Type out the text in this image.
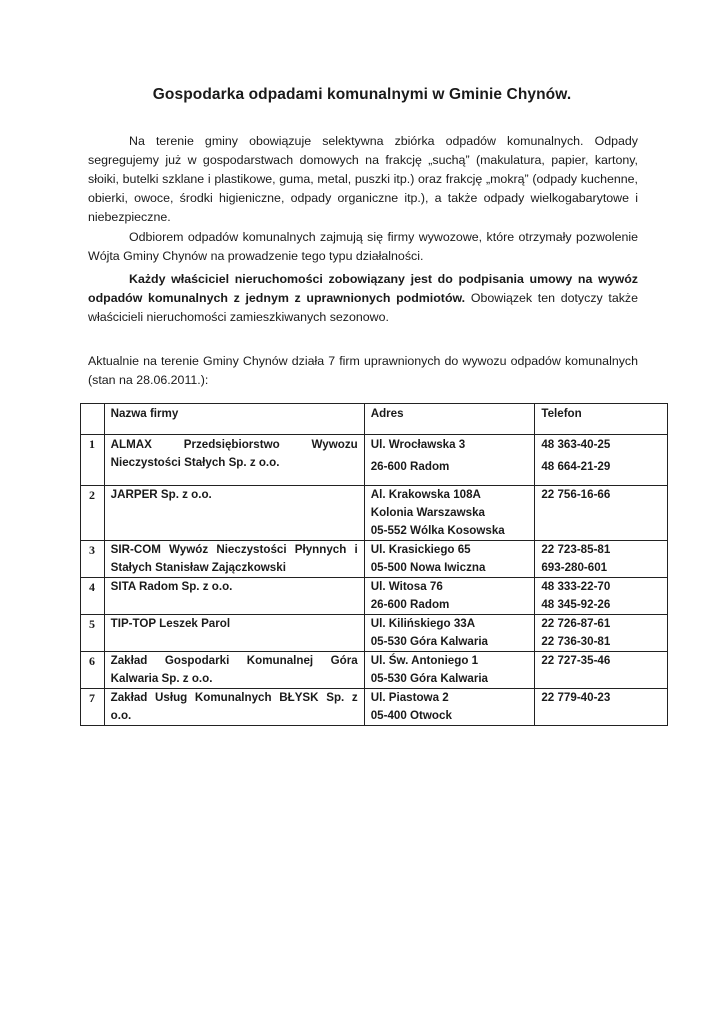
Gospodarka odpadami komunalnymi w Gminie Chynów.
Na terenie gminy obowiązuje selektywna zbiórka odpadów komunalnych. Odpady segregujemy już w gospodarstwach domowych na frakcję „suchą” (makulatura, papier, kartony, słoiki, butelki szklane i plastikowe, guma, metal, puszki itp.) oraz frakcję „mokrą” (odpady kuchenne, obierki, owoce, środki higieniczne, odpady organiczne itp.), a także odpady wielkogabarytowe i niebezpieczne.
Odbiorem odpadów komunalnych zajmują się firmy wywozowe, które otrzymały pozwolenie Wójta Gminy Chynów na prowadzenie tego typu działalności.
Każdy właściciel nieruchomości zobowiązany jest do podpisania umowy na wywóz odpadów komunalnych z jednym z uprawnionych podmiotów. Obowiązek ten dotyczy także właścicieli nieruchomości zamieszkiwanych sezonowo.
Aktualnie na terenie Gminy Chynów działa 7 firm uprawnionych do wywozu odpadów komunalnych (stan na 28.06.2011.):
	Nazwa firmy	Adres	Telefon
1	ALMAX Przedsiębiorstwo Wywozu Nieczystości Stałych Sp. z o.o.	Ul. Wrocławska 3
26-600 Radom	48 363-40-25
48 664-21-29

2	JARPER Sp. z o.o.	Al. Krakowska 108A
Kolonia Warszawska
05-552 Wólka Kosowska	22 756-16-66

3	SIR-COM Wywóz Nieczystości Płynnych i Stałych Stanisław Zajączkowski	Ul. Krasickiego 65
05-500 Nowa Iwiczna	22 723-85-81
693-280-601

4	SITA Radom Sp. z o.o.	Ul. Witosa 76
26-600 Radom	48 333-22-70
48 345-92-26

5	TIP-TOP Leszek Parol	Ul. Kilińskiego 33A
05-530 Góra Kalwaria	22 726-87-61
22 736-30-81

6	Zakład Gospodarki Komunalnej Góra Kalwaria Sp. z o.o.	Ul. Św. Antoniego 1
05-530 Góra Kalwaria	22 727-35-46

7	Zakład Usług Komunalnych BŁYSK Sp. z o.o.	Ul. Piastowa 2
05-400 Otwock	22 779-40-23
